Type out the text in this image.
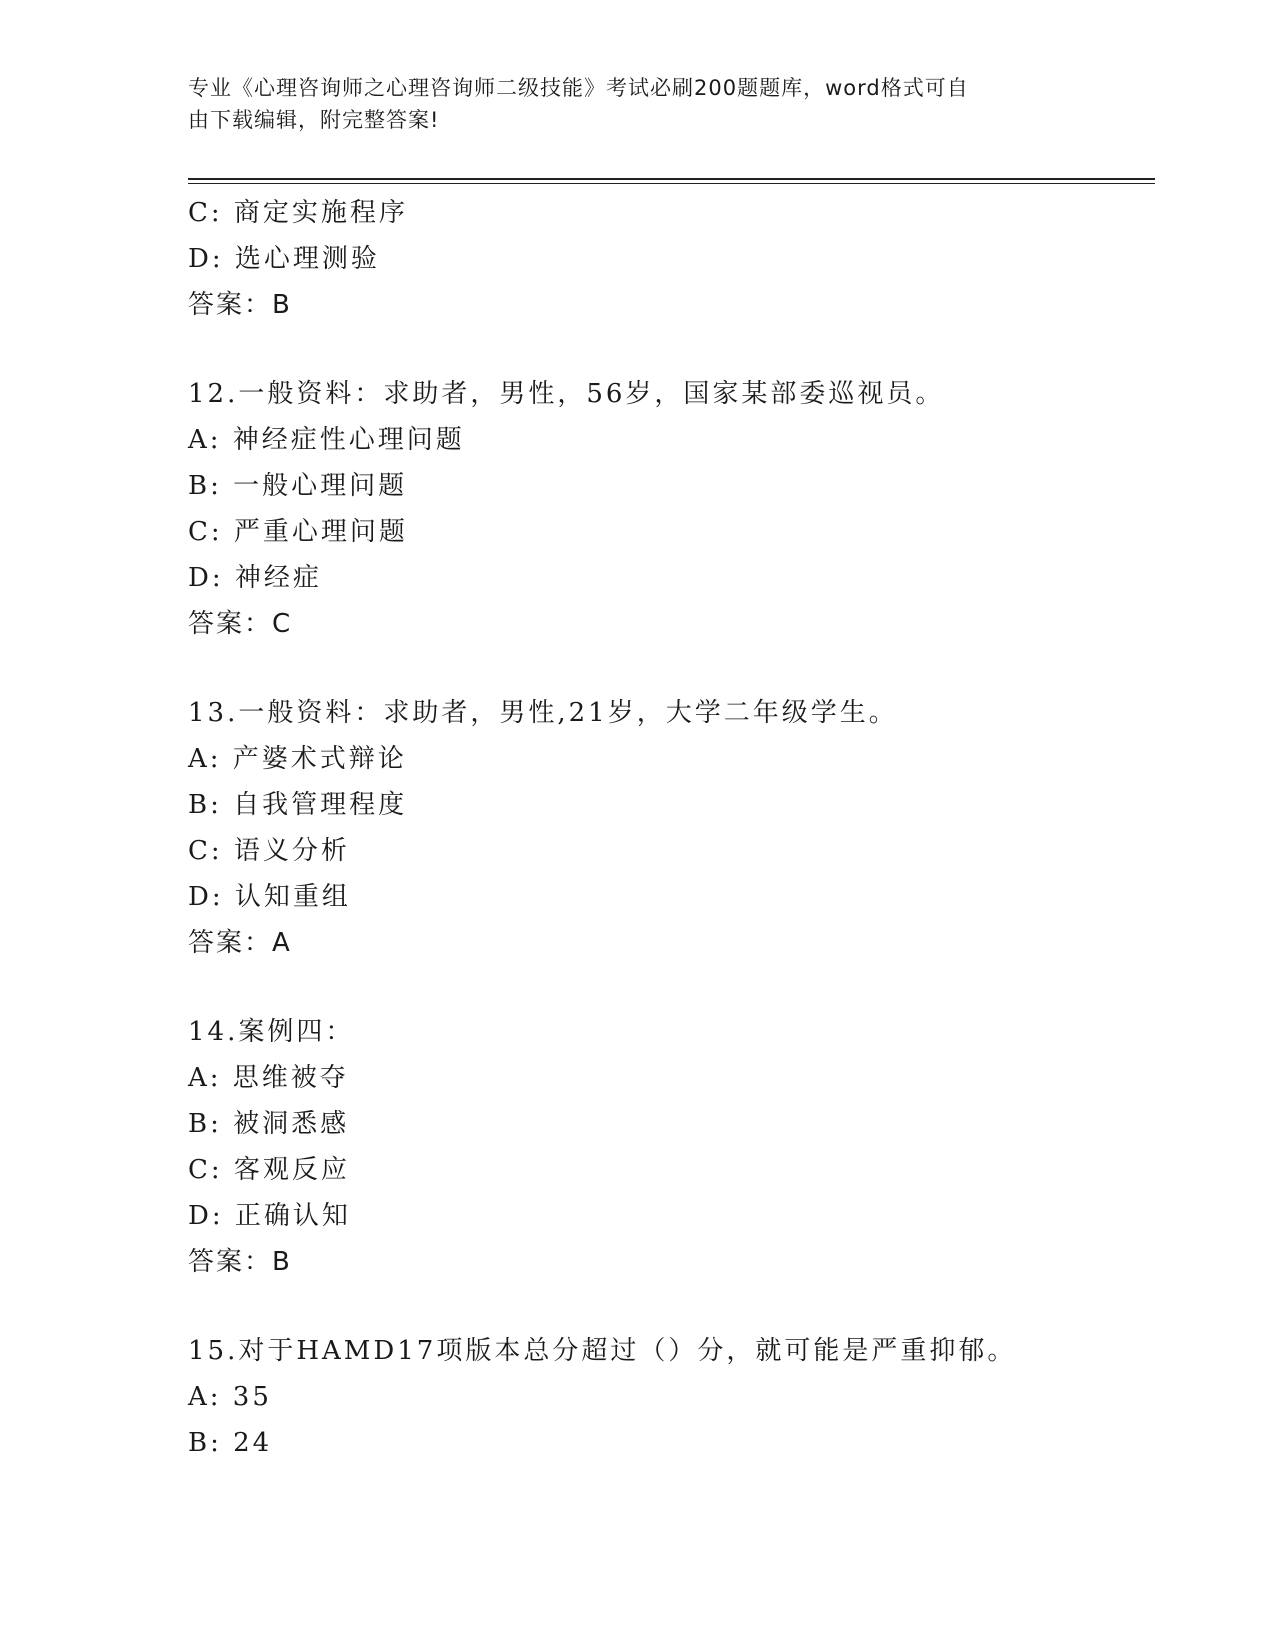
专业《心理咨询师之心理咨询师二级技能》考试必刷200题题库，word格式可自
由下载编辑，附完整答案!
C: 商定实施程序
D: 选心理测验
答案：B
12.一般资料：求助者，男性，56岁，国家某部委巡视员。
A: 神经症性心理问题
B: 一般心理问题
C: 严重心理问题
D: 神经症
答案：C
13.一般资料：求助者，男性,21岁，大学二年级学生。
A: 产婆术式辩论
B: 自我管理程度
C: 语义分析
D: 认知重组
答案：A
14.案例四：
A: 思维被夺
B: 被洞悉感
C: 客观反应
D: 正确认知
答案：B
15.对于HAMD17项版本总分超过（）分，就可能是严重抑郁。
A: 35
B: 24
